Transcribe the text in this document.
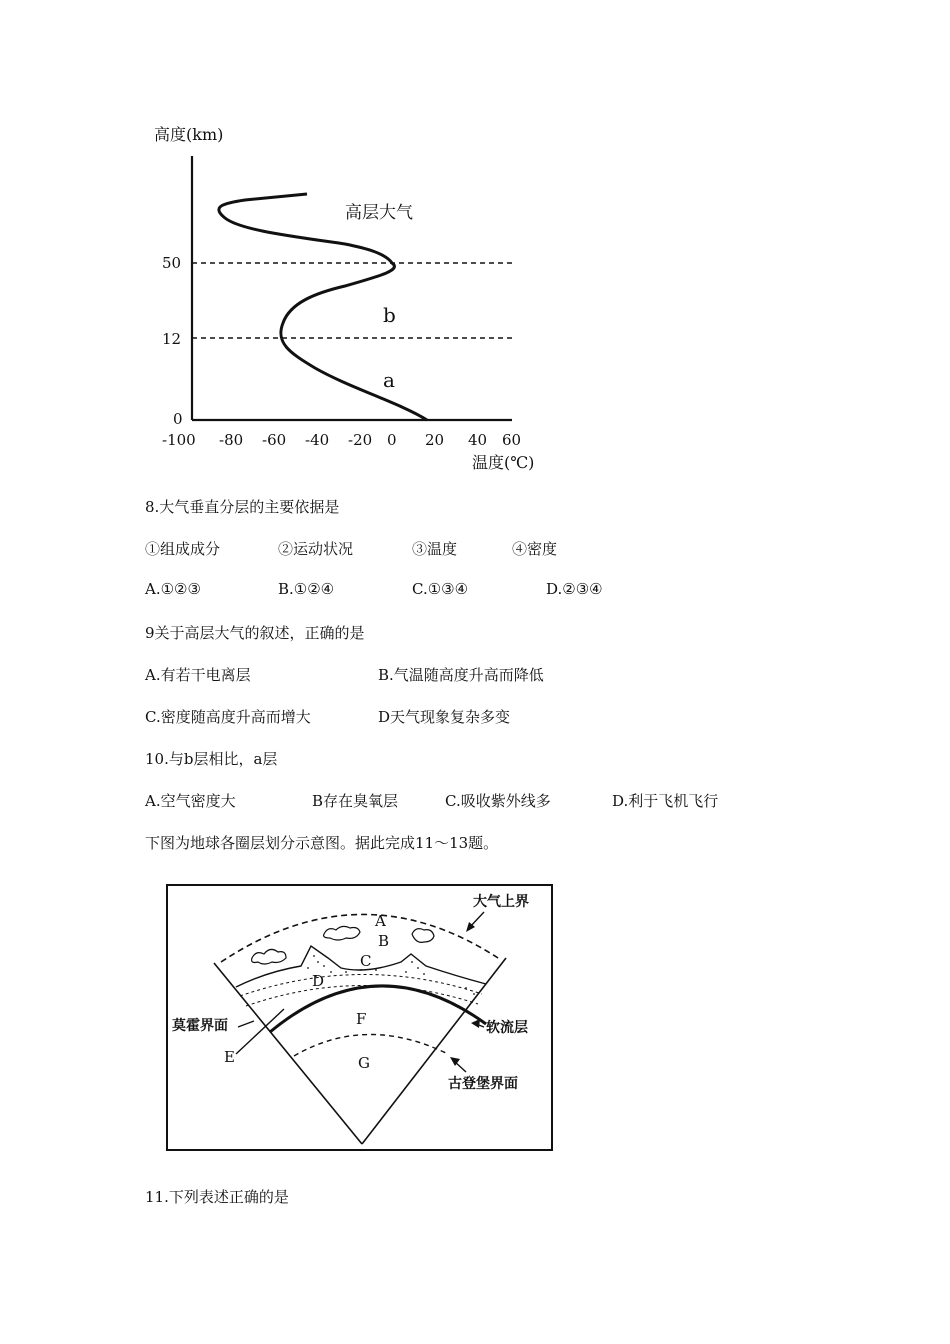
高度(km)
50
12
0
-100 -80 -60 -40 -20 0 20 40 60
温度(℃)
高层大气
b
a
8.大气垂直分层的主要依据是
①组成成分	②运动状况	③温度	④密度
A.①②③	B.①②④	C.①③④	D.②③④
9关于高层大气的叙述，正确的是
A.有若干电离层	B.气温随高度升高而降低
C.密度随高度升高而增大	D天气现象复杂多变
10.与b层相比，a层
A.空气密度大	B存在臭氧层	C.吸收紫外线多	D.利于飞机飞行
下图为地球各圈层划分示意图。据此完成11～13题。
大气上界
A
B
C
D
E
F
G
莫霍界面	软流层
古登堡界面
11.下列表述正确的是
